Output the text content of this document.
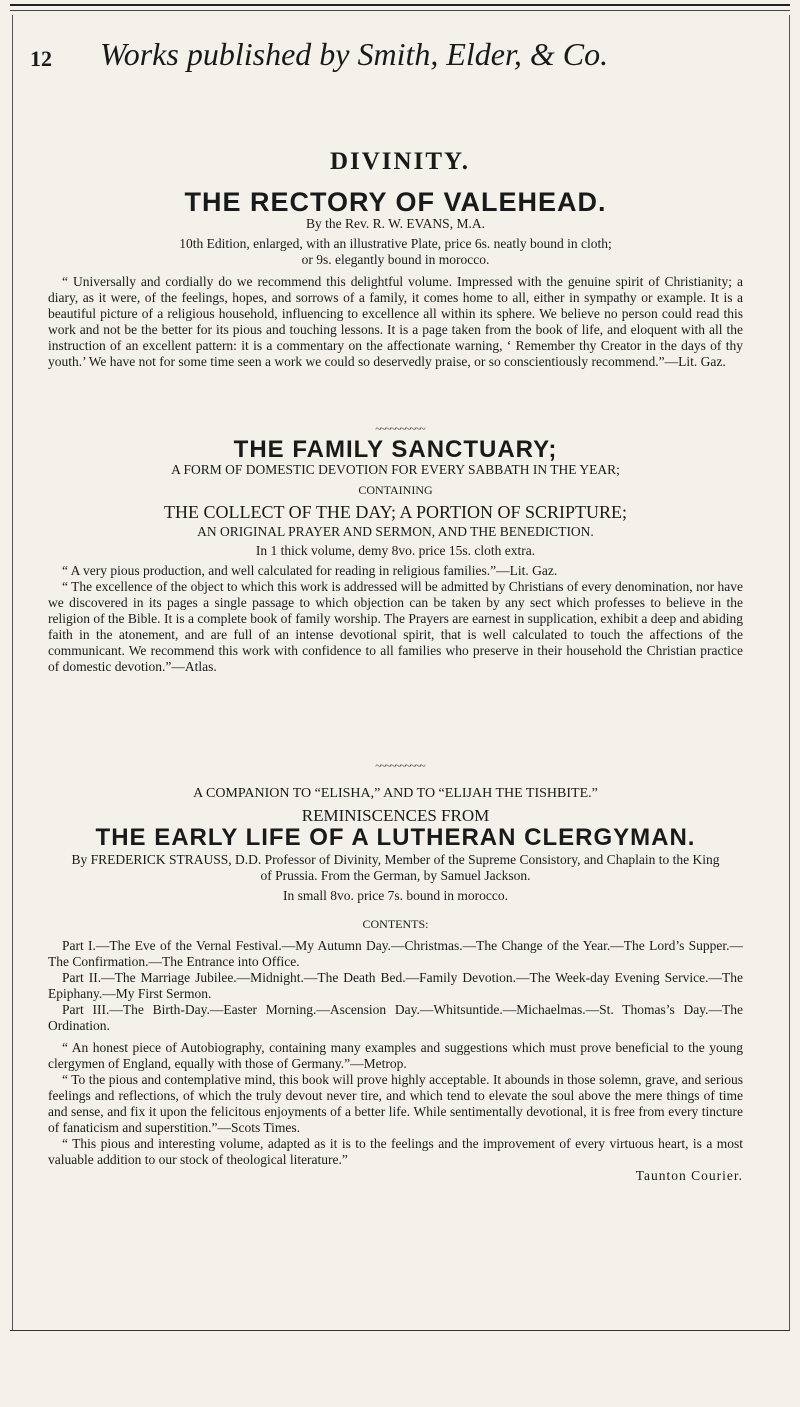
12 Works published by Smith, Elder, & Co.
DIVINITY.
THE RECTORY OF VALEHEAD.
By the Rev. R. W. EVANS, M.A.
10th Edition, enlarged, with an illustrative Plate, price 6s. neatly bound in cloth;
or 9s. elegantly bound in morocco.

“ Universally and cordially do we recommend this delightful volume. Impressed with the genuine spirit of Christianity; a diary, as it were, of the feelings, hopes, and sorrows of a family, it comes home to all, either in sympathy or example. It is a beautiful picture of a religious household, influencing to excellence all within its sphere. We believe no person could read this work and not be the better for its pious and touching lessons. It is a page taken from the book of life, and eloquent with all the instruction of an excellent pattern: it is a commentary on the affectionate warning, ‘ Remember thy Creator in the days of thy youth.’ We have not for some time seen a work we could so deservedly praise, or so conscientiously recommend.”—Lit. Gaz.

~~~~~~~~~~
THE FAMILY SANCTUARY;
A FORM OF DOMESTIC DEVOTION FOR EVERY SABBATH IN THE YEAR;
CONTAINING
THE COLLECT OF THE DAY; A PORTION OF SCRIPTURE;
AN ORIGINAL PRAYER AND SERMON, AND THE BENEDICTION.
In 1 thick volume, demy 8vo. price 15s. cloth extra.

“ A very pious production, and well calculated for reading in religious families.”—Lit. Gaz.

“ The excellence of the object to which this work is addressed will be admitted by Christians of every denomination, nor have we discovered in its pages a single passage to which objection can be taken by any sect which professes to believe in the religion of the Bible. It is a complete book of family worship. The Prayers are earnest in supplication, exhibit a deep and abiding faith in the atonement, and are full of an intense devotional spirit, that is well calculated to touch the affections of the communicant. We recommend this work with confidence to all families who preserve in their household the Christian practice of domestic devotion.”—Atlas.

~~~~~~~~~~
A COMPANION TO “ELISHA,” AND TO “ELIJAH THE TISHBITE.”
REMINISCENCES FROM
THE EARLY LIFE OF A LUTHERAN CLERGYMAN.
By FREDERICK STRAUSS, D.D. Professor of Divinity, Member of the Supreme Consistory, and Chaplain to the King of Prussia. From the German, by Samuel Jackson.
In small 8vo. price 7s. bound in morocco.
CONTENTS:

Part I.—The Eve of the Vernal Festival.—My Autumn Day.—Christmas.—The Change of the Year.—The Lord’s Supper.—The Confirmation.—The Entrance into Office.

Part II.—The Marriage Jubilee.—Midnight.—The Death Bed.—Family Devotion.—The Week-day Evening Service.—The Epiphany.—My First Sermon.

Part III.—The Birth-Day.—Easter Morning.—Ascension Day.—Whitsuntide.—Michaelmas.—St. Thomas’s Day.—The Ordination.

“ An honest piece of Autobiography, containing many examples and suggestions which must prove beneficial to the young clergymen of England, equally with those of Germany.”—Metrop.

“ To the pious and contemplative mind, this book will prove highly acceptable. It abounds in those solemn, grave, and serious feelings and reflections, of which the truly devout never tire, and which tend to elevate the soul above the mere things of time and sense, and fix it upon the felicitous enjoyments of a better life. While sentimentally devotional, it is free from every tincture of fanaticism and superstition.”—Scots Times.

“ This pious and interesting volume, adapted as it is to the feelings and the improvement of every virtuous heart, is a most valuable addition to our stock of theological literature.”

Taunton Courier.
